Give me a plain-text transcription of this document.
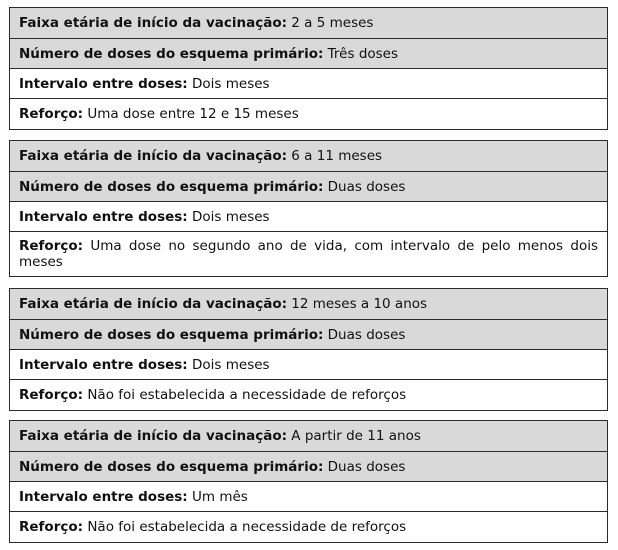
Faixa etária de início da vacinação: 2 a 5 meses
Número de doses do esquema primário: Três doses
Intervalo entre doses: Dois meses
Reforço: Uma dose entre 12 e 15 meses
Faixa etária de início da vacinação: 6 a 11 meses
Número de doses do esquema primário: Duas doses
Intervalo entre doses: Dois meses
Reforço: Uma dose no segundo ano de vida, com intervalo de pelo menos dois meses
Faixa etária de início da vacinação: 12 meses a 10 anos
Número de doses do esquema primário: Duas doses
Intervalo entre doses: Dois meses
Reforço: Não foi estabelecida a necessidade de reforços
Faixa etária de início da vacinação: A partir de 11 anos
Número de doses do esquema primário: Duas doses
Intervalo entre doses: Um mês
Reforço: Não foi estabelecida a necessidade de reforços
